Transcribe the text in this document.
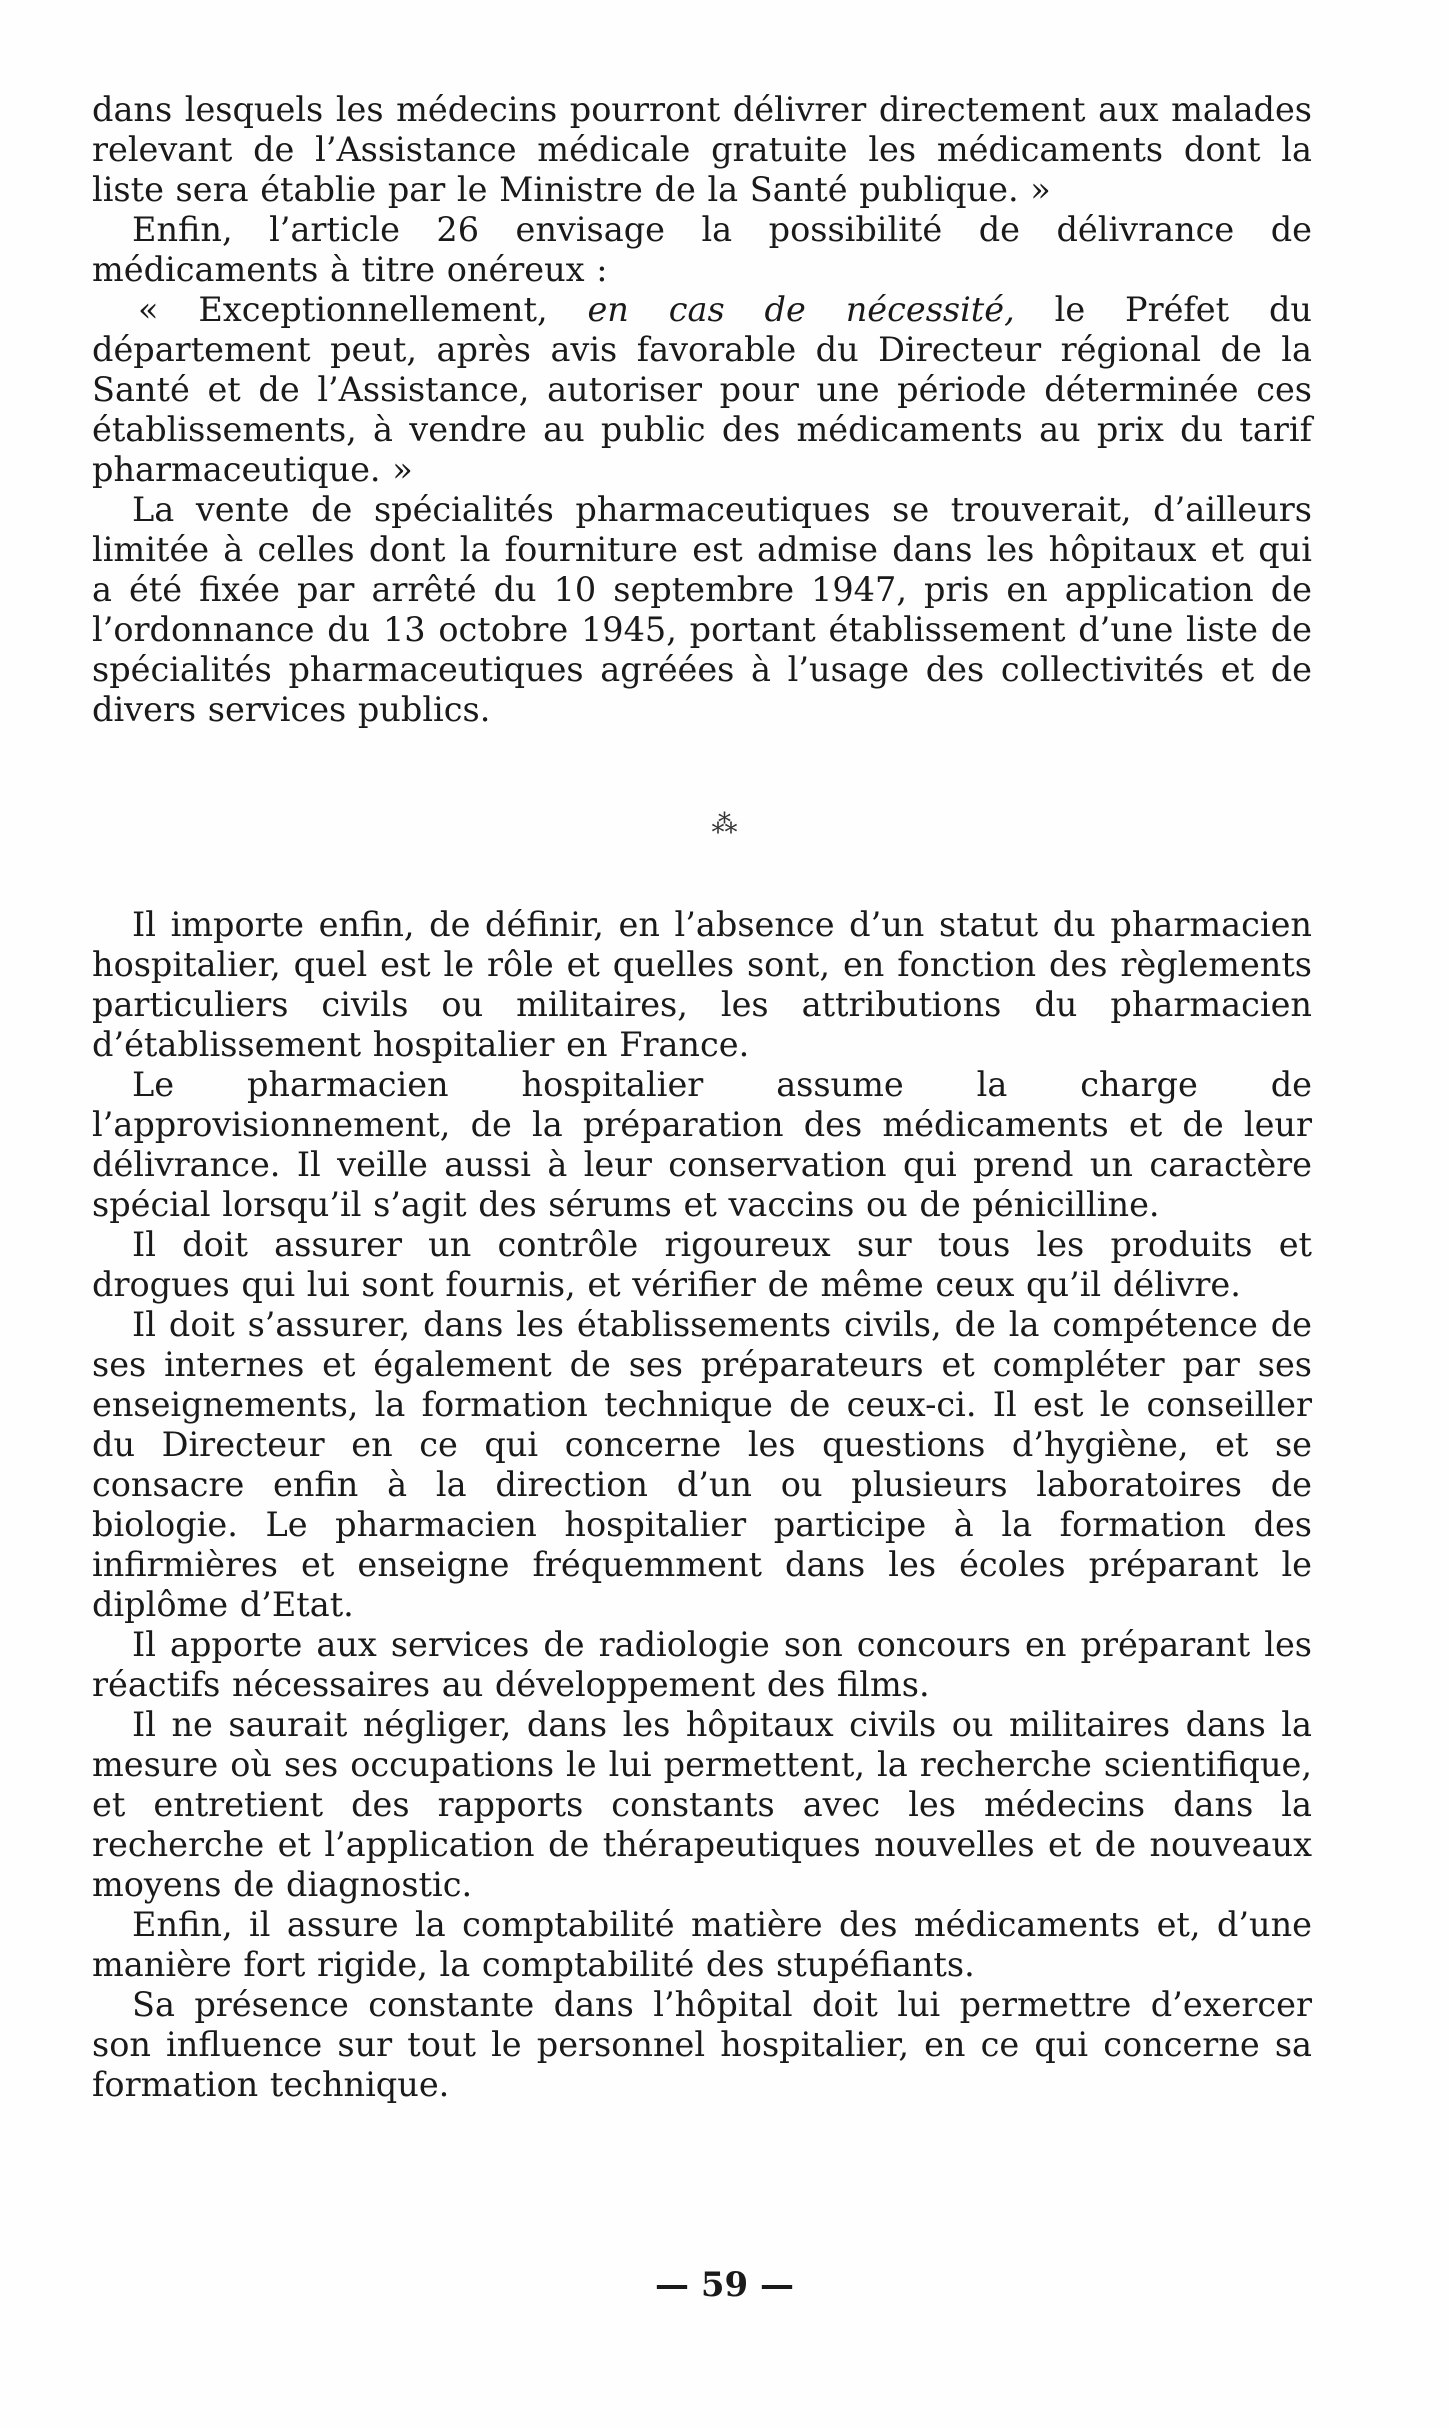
dans lesquels les médecins pourront délivrer directement aux malades relevant de l’Assistance médicale gratuite les médicaments dont la liste sera établie par le Ministre de la Santé publique. »

Enfin, l’article 26 envisage la possibilité de délivrance de médicaments à titre onéreux :

« Exceptionnellement, en cas de nécessité, le Préfet du département peut, après avis favorable du Directeur régional de la Santé et de l’Assistance, autoriser pour une période déterminée ces établissements, à vendre au public des médicaments au prix du tarif pharmaceutique. »

La vente de spécialités pharmaceutiques se trouverait, d’ailleurs limitée à celles dont la fourniture est admise dans les hôpitaux et qui a été fixée par arrêté du 10 septembre 1947, pris en application de l’ordonnance du 13 octobre 1945, portant établissement d’une liste de spécialités pharmaceutiques agréées à l’usage des collectivités et de divers services publics.

⁂

Il importe enfin, de définir, en l’absence d’un statut du pharmacien hospitalier, quel est le rôle et quelles sont, en fonction des règlements particuliers civils ou militaires, les attributions du pharmacien d’établissement hospitalier en France.

Le pharmacien hospitalier assume la charge de l’approvisionnement, de la préparation des médicaments et de leur délivrance. Il veille aussi à leur conservation qui prend un caractère spécial lorsqu’il s’agit des sérums et vaccins ou de pénicilline.

Il doit assurer un contrôle rigoureux sur tous les produits et drogues qui lui sont fournis, et vérifier de même ceux qu’il délivre.

Il doit s’assurer, dans les établissements civils, de la compétence de ses internes et également de ses préparateurs et compléter par ses enseignements, la formation technique de ceux-ci. Il est le conseiller du Directeur en ce qui concerne les questions d’hygiène, et se consacre enfin à la direction d’un ou plusieurs laboratoires de biologie. Le pharmacien hospitalier participe à la formation des infirmières et enseigne fréquemment dans les écoles préparant le diplôme d’Etat.

Il apporte aux services de radiologie son concours en préparant les réactifs nécessaires au développement des films.

Il ne saurait négliger, dans les hôpitaux civils ou militaires dans la mesure où ses occupations le lui permettent, la recherche scientifique, et entretient des rapports constants avec les médecins dans la recherche et l’application de thérapeutiques nouvelles et de nouveaux moyens de diagnostic.

Enfin, il assure la comptabilité matière des médicaments et, d’une manière fort rigide, la comptabilité des stupéfiants.

Sa présence constante dans l’hôpital doit lui permettre d’exercer son influence sur tout le personnel hospitalier, en ce qui concerne sa formation technique.

— 59 —
